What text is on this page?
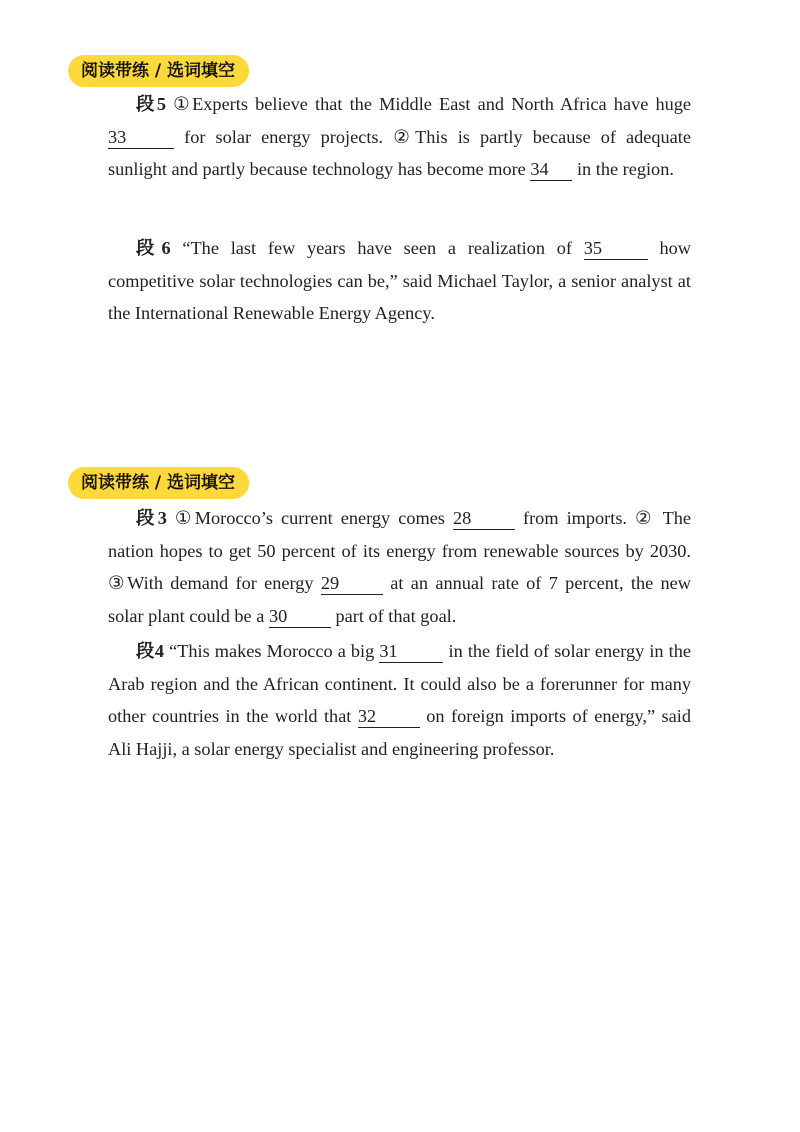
阅读带练 / 选词填空

段5 ①Experts believe that the Middle East and North Africa have huge 33	for solar energy projects. ②This is partly because of adequate sunlight and partly because technology has become more 34 in the region.

段6 “The last few years have seen a realization of 35 how competitive solar technologies can be,” said Michael Taylor, a senior analyst at the International Renewable Energy Agency.

阅读带练 / 选词填空

段3 ①Morocco’s current energy comes 28 from imports. ② The nation hopes to get 50 percent of its energy from renewable sources by 2030. ③With demand for energy 29 at an annual rate of 7 percent, the new solar plant could be a 30 part of that goal.

段4 “This makes Morocco a big 31 in the field of solar energy in the Arab region and the African continent. It could also be a forerunner for many other countries in the world that 32 on foreign imports of energy,” said Ali Hajji, a solar energy specialist and engineering professor.
